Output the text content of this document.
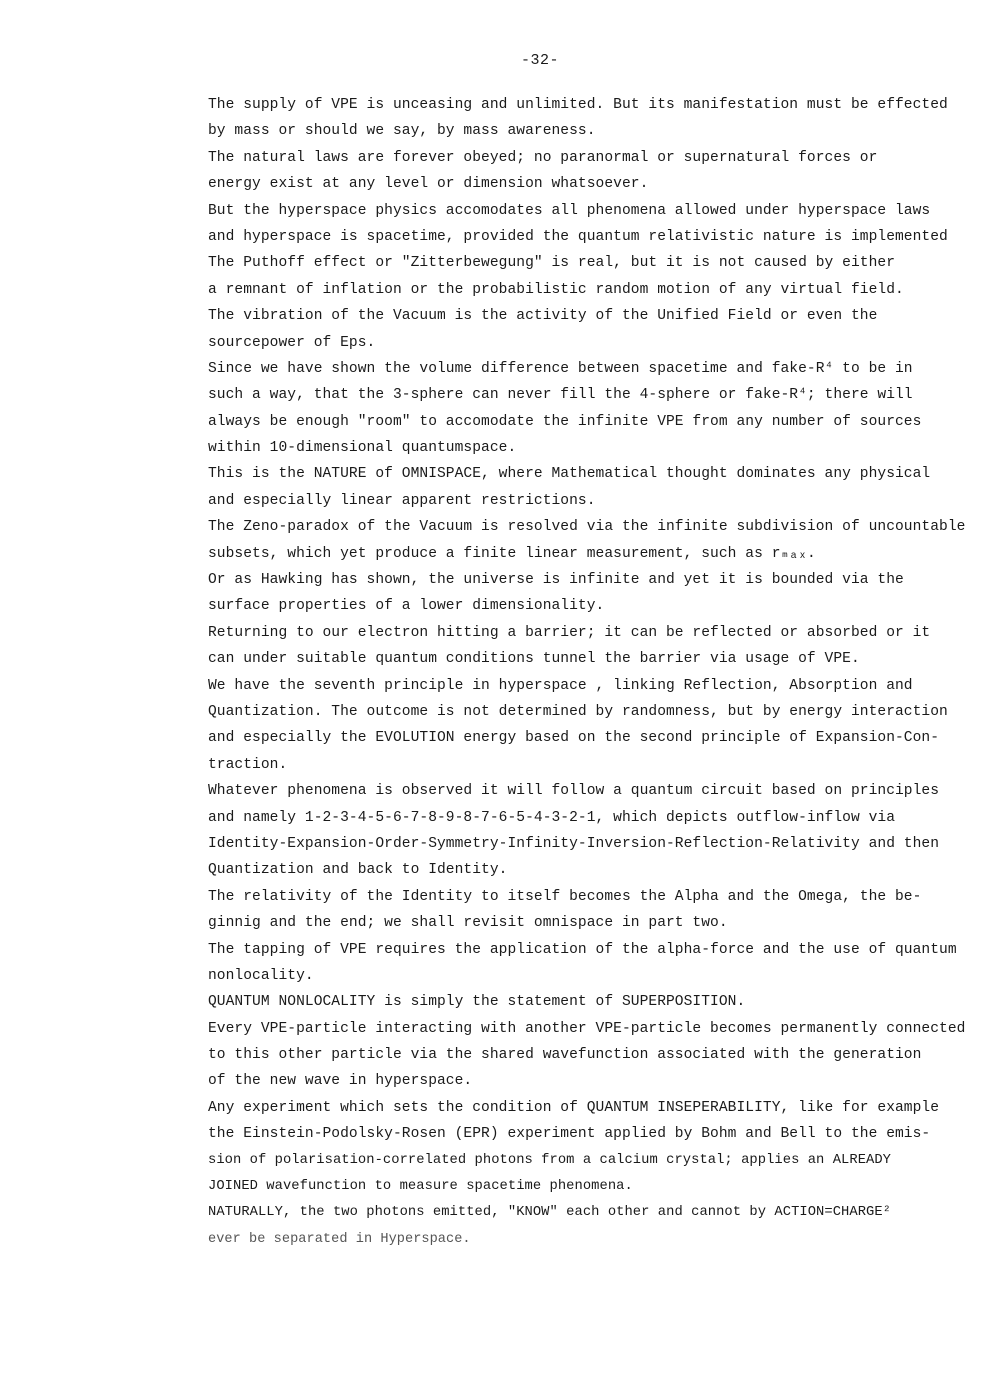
-32-
The supply of VPE is unceasing and unlimited. But its manifestation must be effected
by mass or should we say, by mass awareness.
The natural laws are forever obeyed; no paranormal or supernatural forces or
energy exist at any level or dimension whatsoever.
But the hyperspace physics accomodates all phenomena allowed under hyperspace laws
and hyperspace is spacetime, provided the quantum relativistic nature is implemented
The Puthoff effect or "Zitterbewegung" is real, but it is not caused by either
a remnant of inflation or the probabilistic random motion of any virtual field.
The vibration of the Vacuum is the activity of the Unified Field or even the
sourcepower of Eps.
Since we have shown the volume difference between spacetime and fake-R⁴ to be in
such a way, that the 3-sphere can never fill the 4-sphere or fake-R⁴; there will
always be enough "room" to accomodate the infinite VPE from any number of sources
within 10-dimensional quantumspace.
This is the NATURE of OMNISPACE, where Mathematical thought dominates any physical
and especially linear apparent restrictions.
The Zeno-paradox of the Vacuum is resolved via the infinite subdivision of uncountable
subsets, which yet produce a finite linear measurement, such as rₘₐₓ.
Or as Hawking has shown, the universe is infinite and yet it is bounded via the
surface properties of a lower dimensionality.
Returning to our electron hitting a barrier; it can be reflected or absorbed or it
can under suitable quantum conditions tunnel the barrier via usage of VPE.
We have the seventh principle in hyperspace , linking Reflection, Absorption and
Quantization. The outcome is not determined by randomness, but by energy interaction
and especially the EVOLUTION energy based on the second principle of Expansion-Con-
traction.
Whatever phenomena is observed it will follow a quantum circuit based on principles
and namely 1-2-3-4-5-6-7-8-9-8-7-6-5-4-3-2-1, which depicts outflow-inflow via
Identity-Expansion-Order-Symmetry-Infinity-Inversion-Reflection-Relativity and then
Quantization and back to Identity.
The relativity of the Identity to itself becomes the Alpha and the Omega, the be-
ginnig and the end; we shall revisit omnispace in part two.
The tapping of VPE requires the application of the alpha-force and the use of quantum
nonlocality.
QUANTUM NONLOCALITY is simply the statement of SUPERPOSITION.
Every VPE-particle interacting with another VPE-particle becomes permanently connected
to this other particle via the shared wavefunction associated with the generation
of the new wave in hyperspace.
Any experiment which sets the condition of QUANTUM INSEPERABILITY, like for example
the Einstein-Podolsky-Rosen (EPR) experiment applied by Bohm and Bell to the emis-
sion of polarisation-correlated photons from a calcium crystal; applies an ALREADY
JOINED wavefunction to measure spacetime phenomena.
NATURALLY, the two photons emitted, "KNOW" each other and cannot by ACTION=CHARGE²
ever be separated in Hyperspace.
